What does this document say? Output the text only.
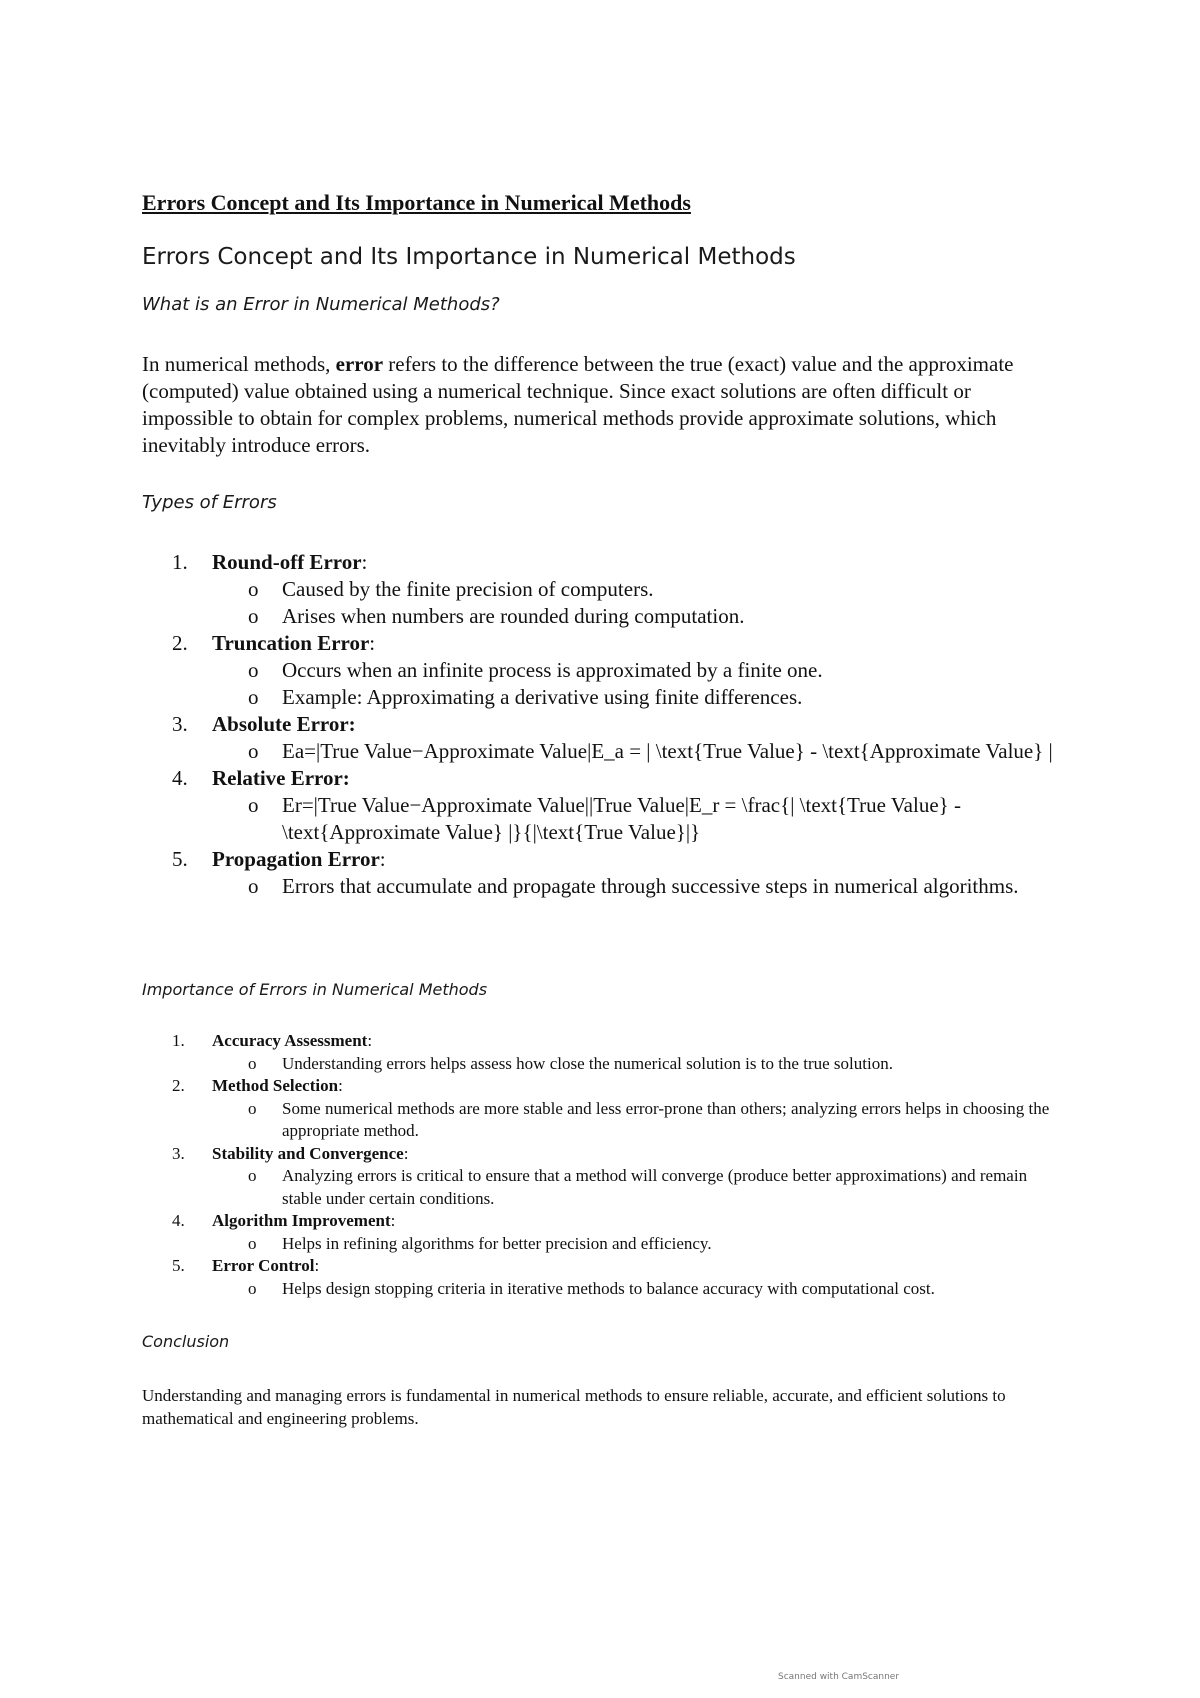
Errors Concept and Its Importance in Numerical Methods
Errors Concept and Its Importance in Numerical Methods
What is an Error in Numerical Methods?

In numerical methods, error refers to the difference between the true (exact) value and the approximate (computed) value obtained using a numerical technique. Since exact solutions are often difficult or impossible to obtain for complex problems, numerical methods provide approximate solutions, which inevitably introduce errors.

Types of Errors
1. Round-off Error:
o Caused by the finite precision of computers.
o Arises when numbers are rounded during computation.
2. Truncation Error:
o Occurs when an infinite process is approximated by a finite one.
o Example: Approximating a derivative using finite differences.
3. Absolute Error:
o Ea=|True Value−Approximate Value|E_a = | \text{True Value} - \text{Approximate Value} |
4. Relative Error:
o Er=|True Value−Approximate Value||True Value|E_r = \frac{| \text{True Value} - \text{Approximate Value} |}{|\text{True Value}|}
5. Propagation Error:
o Errors that accumulate and propagate through successive steps in numerical algorithms.
Importance of Errors in Numerical Methods
1. Accuracy Assessment:
o Understanding errors helps assess how close the numerical solution is to the true solution.
2. Method Selection:
o Some numerical methods are more stable and less error-prone than others; analyzing errors helps in choosing the appropriate method.
3. Stability and Convergence:
o Analyzing errors is critical to ensure that a method will converge (produce better approximations) and remain stable under certain conditions.
4. Algorithm Improvement:
o Helps in refining algorithms for better precision and efficiency.
5. Error Control:
o Helps design stopping criteria in iterative methods to balance accuracy with computational cost.
Conclusion

Understanding and managing errors is fundamental in numerical methods to ensure reliable, accurate, and efficient solutions to mathematical and engineering problems.

Scanned with CamScanner
